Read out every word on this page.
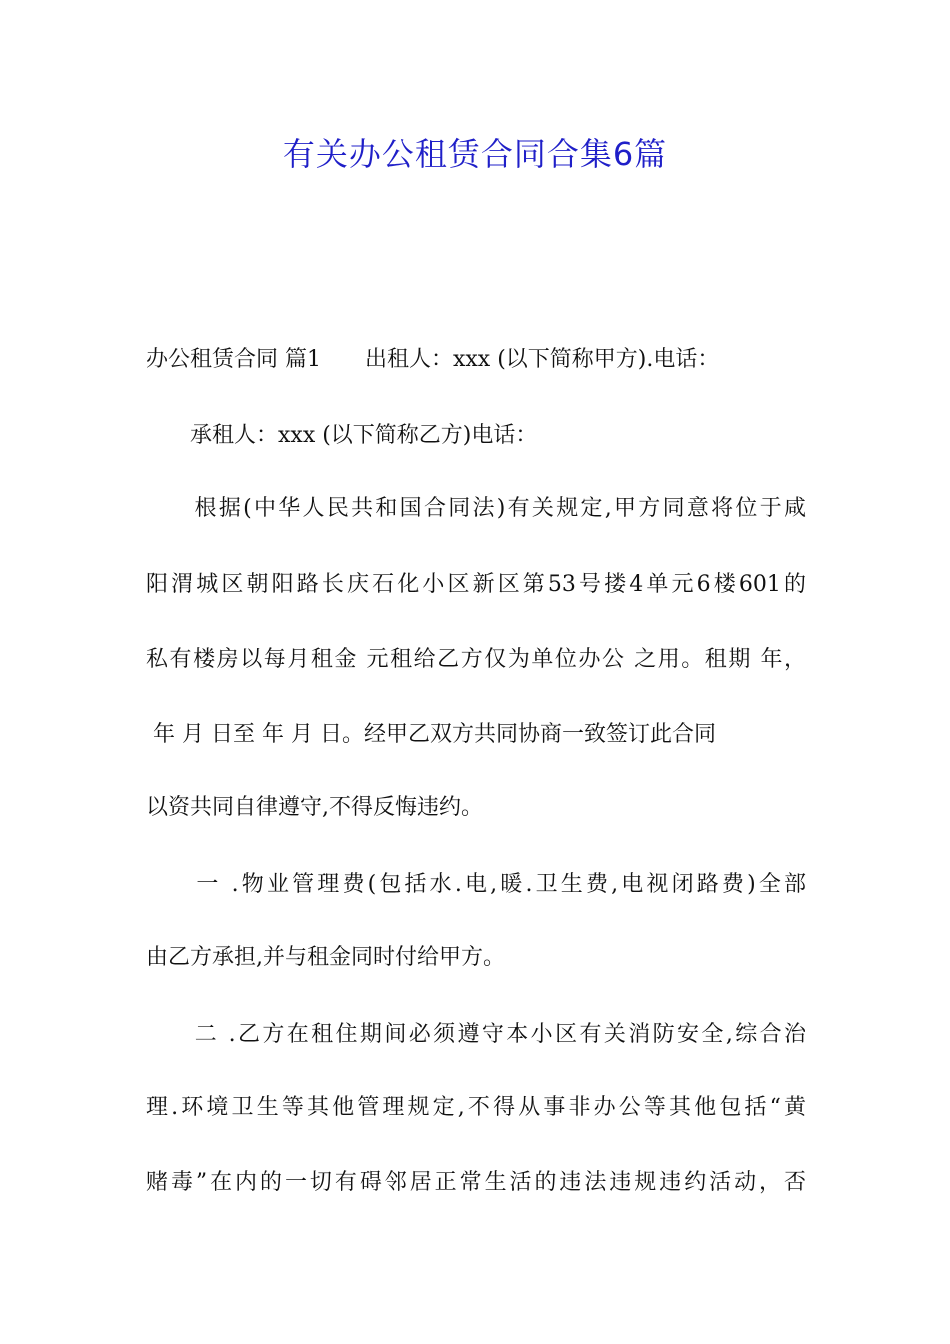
有关办公租赁合同合集6篇

办公租赁合同 篇1　　出租人：xxx (以下简称甲方).电话：

　　承租人：xxx (以下简称乙方)电话：

　　根据(中华人民共和国合同法)有关规定,甲方同意将位于咸

阳渭城区朝阳路长庆石化小区新区第53号搂4单元6楼601的

私有楼房以每月租金 元租给乙方仅为单位办公 之用。租期 年，

年 月 日至 年 月 日。经甲乙双方共同协商一致签订此合同

以资共同自律遵守,不得反悔违约。

　　一 .物业管理费(包括水.电,暖.卫生费,电视闭路费)全部

由乙方承担,并与租金同时付给甲方。

　　二 .乙方在租住期间必须遵守本小区有关消防安全,综合治

理.环境卫生等其他管理规定,不得从事非办公等其他包括“黄

赌毒”在内的一切有碍邻居正常生活的违法违规违约活动，否
